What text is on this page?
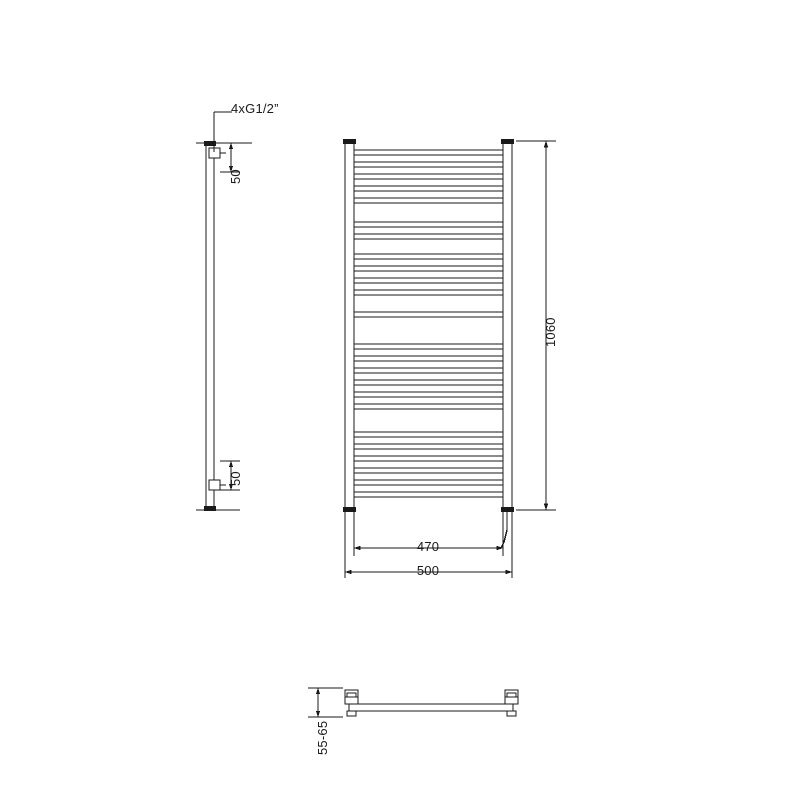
4xG1/2”
50
50
1060
470
500
55-65
